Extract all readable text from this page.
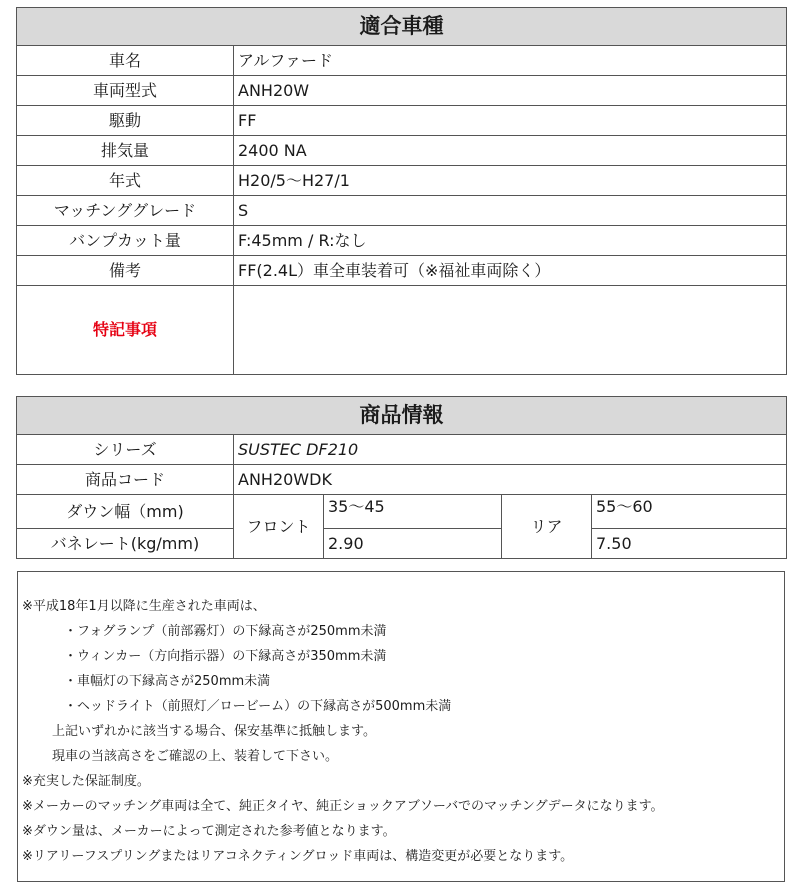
適合車種	
車名	アルファード
車両型式	ANH20W
駆動	FF
排気量	2400 NA
年式	H20/5～H27/1
マッチンググレード	S
バンプカット量	F:45mm / R:なし
備考	FF(2.4L）車全車装着可（※福祉車両除く）
特記事項	
商品情報				
シリーズ	SUSTEC DF210			
商品コード	ANH20WDK			
ダウン幅（mm)	フロント	35～45	リア	55～60
バネレート(kg/mm)		2.90		7.50
※平成18年1月以降に生産された車両は、
・フォグランプ（前部霧灯）の下縁高さが250mm未満
・ウィンカー（方向指示器）の下縁高さが350mm未満
・車幅灯の下縁高さが250mm未満
・ヘッドライト（前照灯／ロービーム）の下縁高さが500mm未満
上記いずれかに該当する場合、保安基準に抵触します。
現車の当該高さをご確認の上、装着して下さい。
※充実した保証制度。
※メーカーのマッチング車両は全て、純正タイヤ、純正ショックアブソーバでのマッチングデータになります。
※ダウン量は、メーカーによって測定された参考値となります。
※リアリーフスプリングまたはリアコネクティングロッド車両は、構造変更が必要となります。
